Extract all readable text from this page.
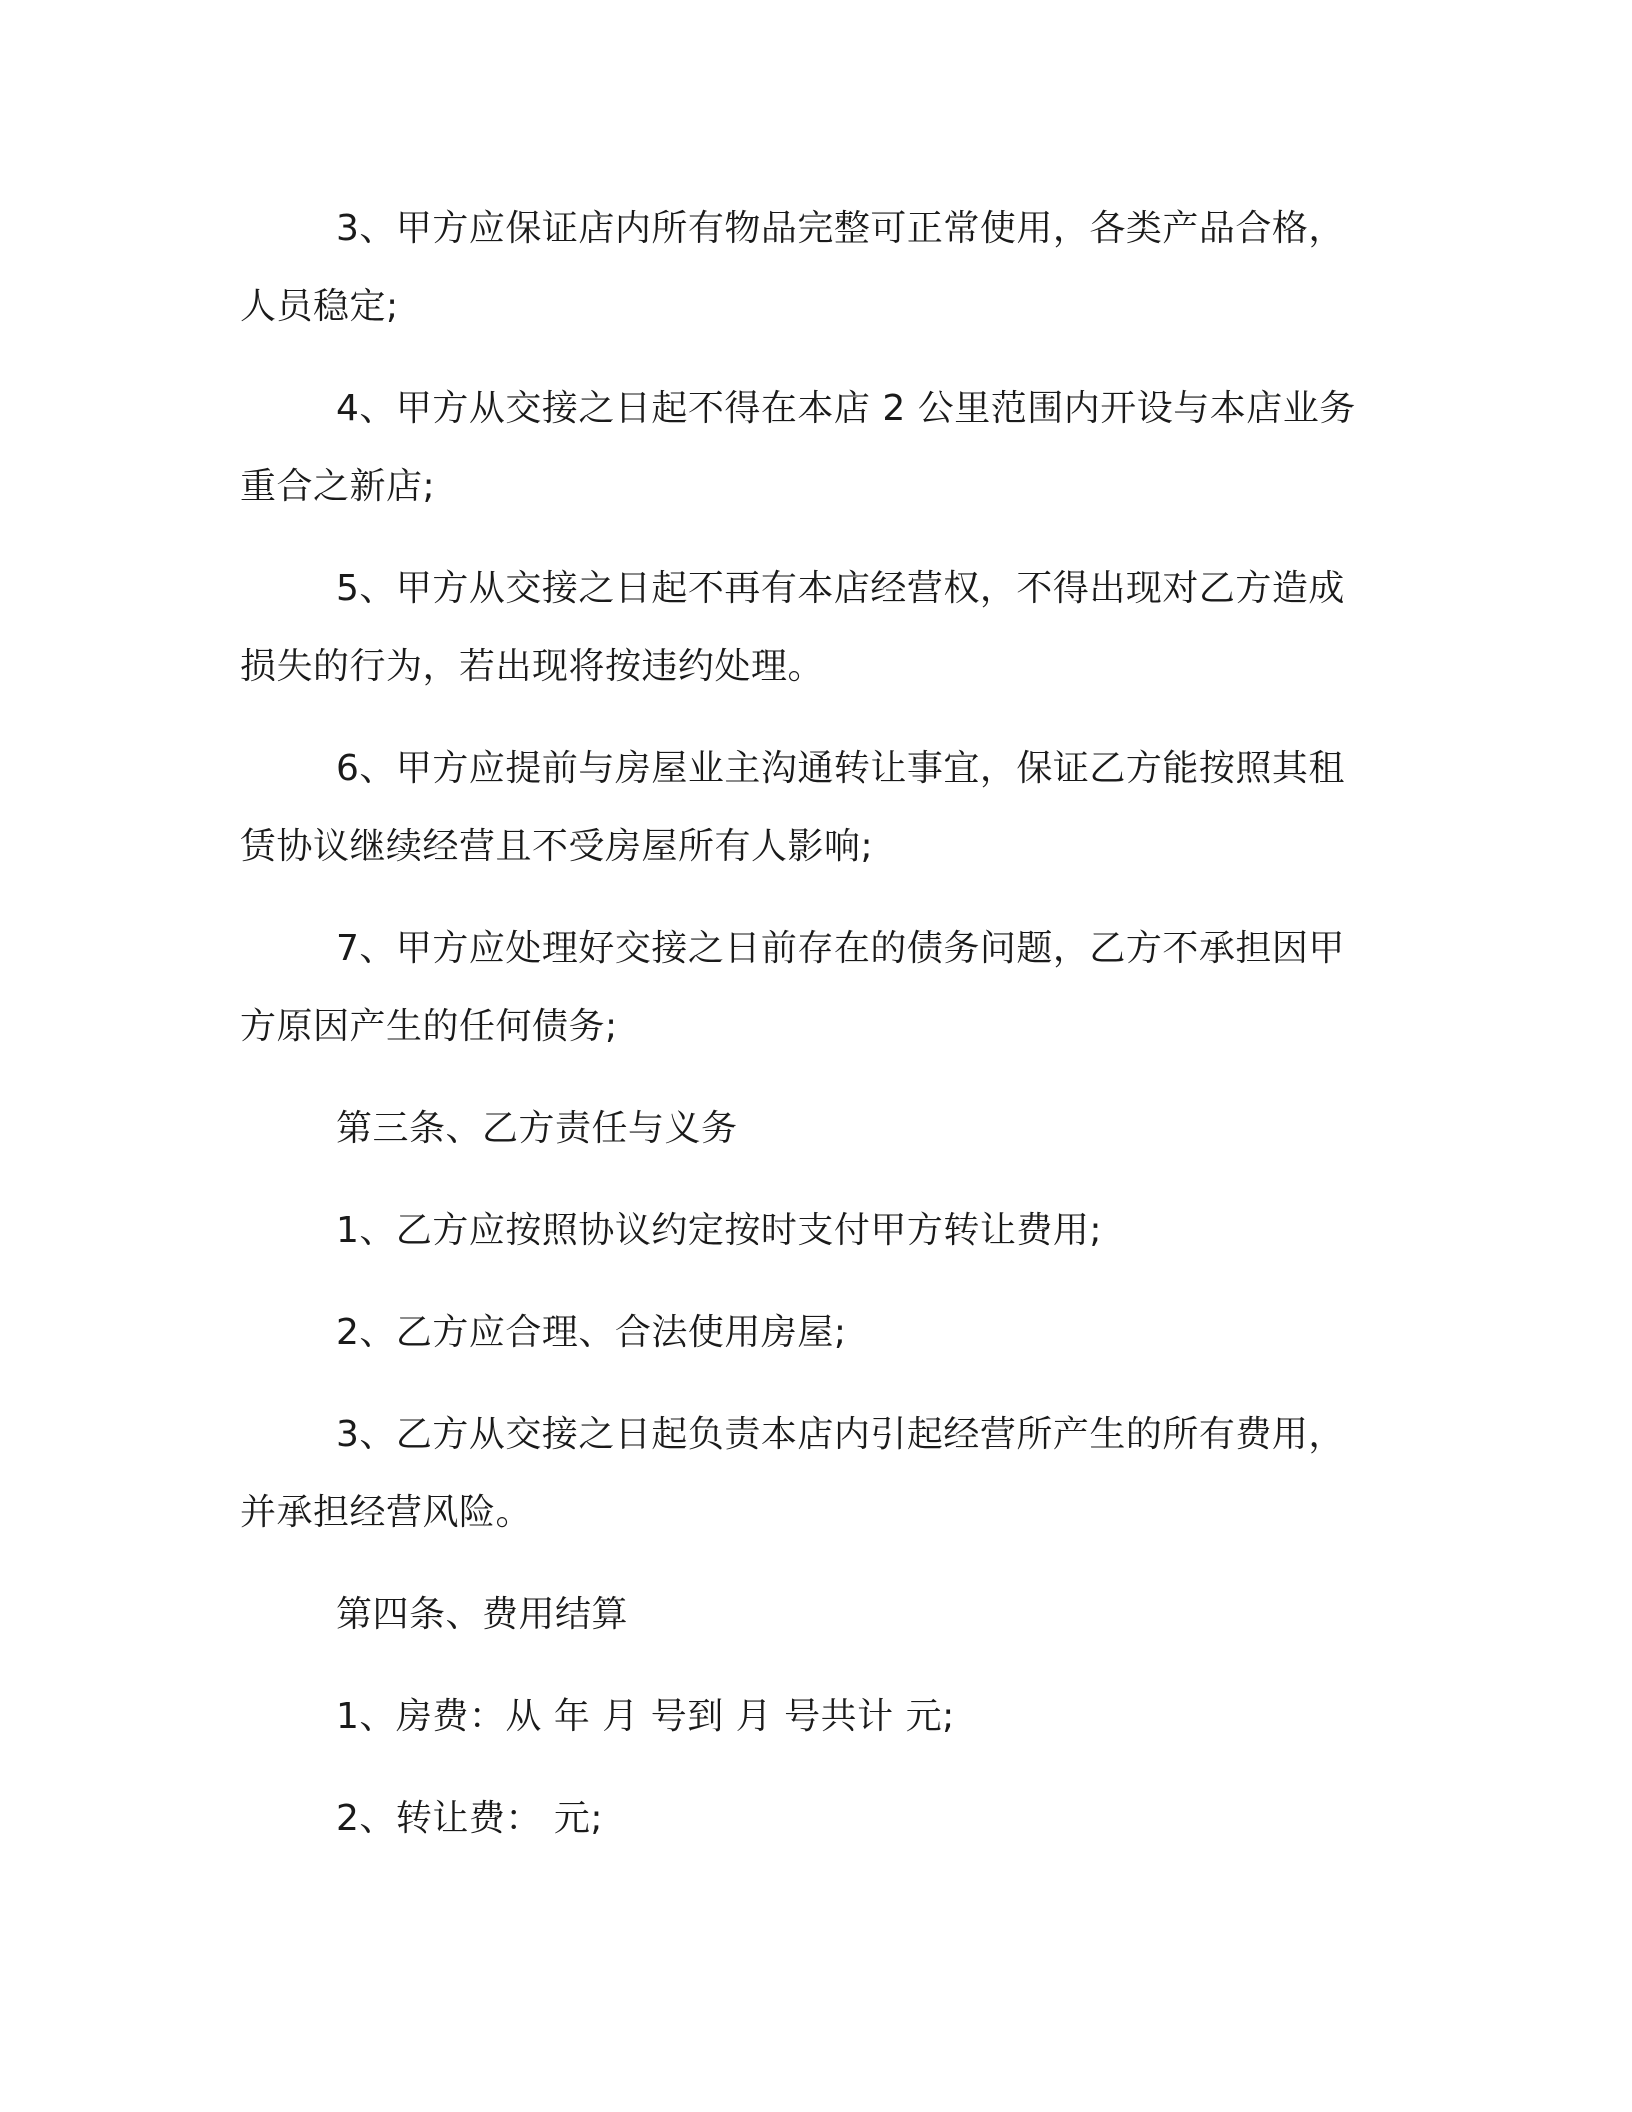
3、甲方应保证店内所有物品完整可正常使用，各类产品合格，人员稳定;

4、甲方从交接之日起不得在本店 2 公里范围内开设与本店业务重合之新店;

5、甲方从交接之日起不再有本店经营权，不得出现对乙方造成损失的行为，若出现将按违约处理。

6、甲方应提前与房屋业主沟通转让事宜，保证乙方能按照其租赁协议继续经营且不受房屋所有人影响;

7、甲方应处理好交接之日前存在的债务问题，乙方不承担因甲方原因产生的任何债务;

第三条、乙方责任与义务

1、乙方应按照协议约定按时支付甲方转让费用;

2、乙方应合理、合法使用房屋;

3、乙方从交接之日起负责本店内引起经营所产生的所有费用，并承担经营风险。

第四条、费用结算

1、房费：从 年 月 号到 月 号共计 元;

2、转让费： 元;
